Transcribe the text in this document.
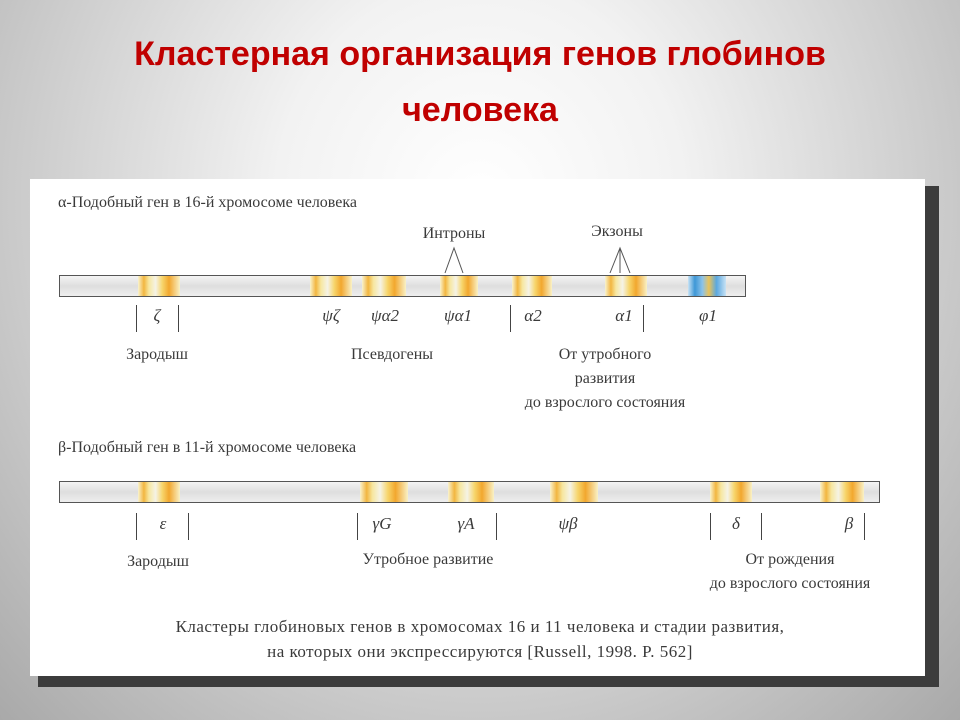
Кластерная организация генов глобинов
человека
α-Подобный ген в 16-й хромосоме человека
Интроны	Экзоны
ζ	ψζ ψα2	ψα1	α2	α1	φ1
Зародыш	Псевдогены	От утробного
развития
до взрослого состояния
β-Подобный ген в 11-й хромосоме человека
ε	γG	γA	ψβ	δ	β
Зародыш	Утробное развитие	От рождения
до взрослого состояния
Кластеры глобиновых генов в хромосомах 16 и 11 человека и стадии развития,
на которых они экспрессируются [Russell, 1998. P. 562]
